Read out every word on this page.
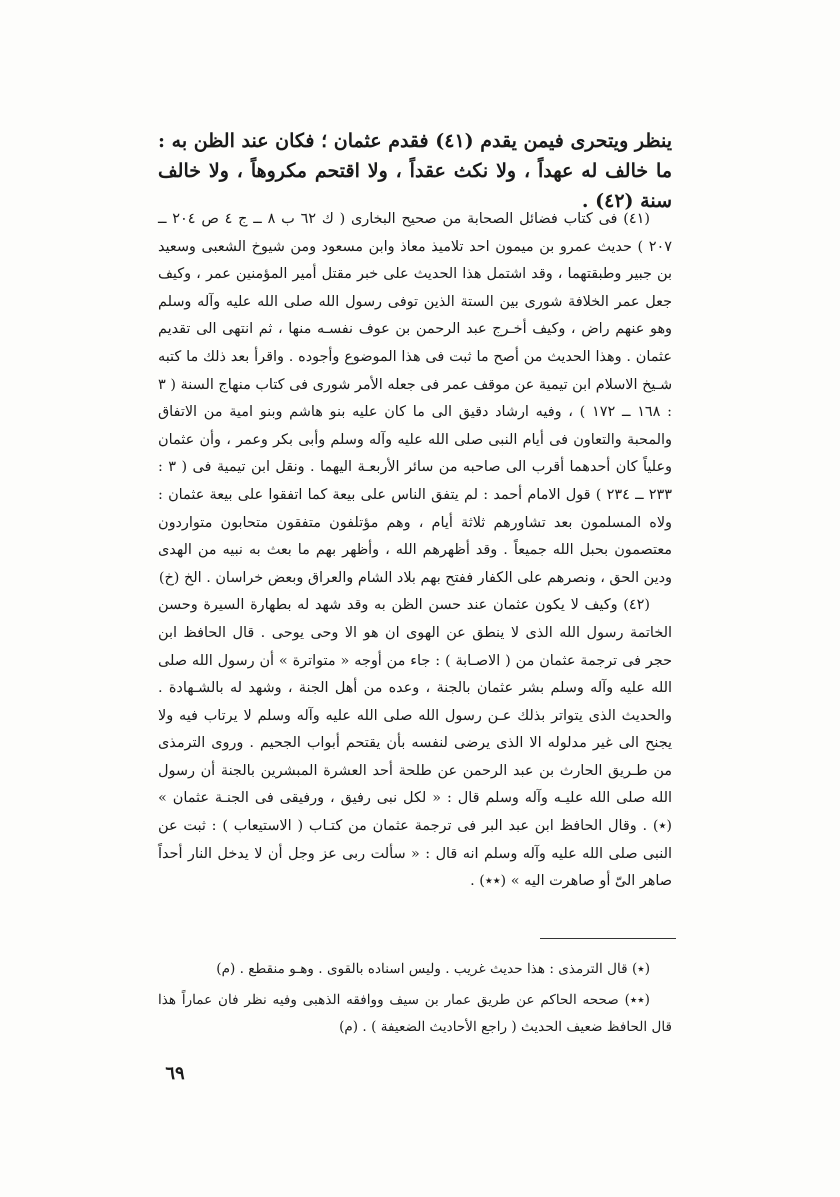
ينظر ويتحرى فيمن يقدم (٤١) فقدم عثمان ؛ فكان عند الظن به : ما خالف له عهداً ، ولا نكث عقداً ، ولا اقتحم مكروهاً ، ولا خالف سنة (٤٢) .

(٤١) فى كتاب فضائل الصحابة من صحيح البخارى ( ك ٦٢ ب ٨ ــ ج ٤ ص ٢٠٤ ــ ٢٠٧ ) حديث عمرو بن ميمون احد تلاميذ معاذ وابن مسعود ومن شيوخ الشعبى وسعيد بن جبير وطبقتهما ، وقد اشتمل هذا الحديث على خبر مقتل أمير المؤمنين عمر ، وكيف جعل عمر الخلافة شورى بين الستة الذين توفى رسول الله صلى الله عليه وآله وسلم وهو عنهم راض ، وكيف أخـرج عبد الرحمن بن عوف نفسـه منها ، ثم انتهى الى تقديم عثمان . وهذا الحديث من أصح ما ثبت فى هذا الموضوع وأجوده . واقرأ بعد ذلك ما كتبه شـيخ الاسلام ابن تيمية عن موقف عمر فى جعله الأمر شورى فى كتاب منهاج السنة ( ٣ : ١٦٨ ــ ١٧٢ ) ، وفيه ارشاد دقيق الى ما كان عليه بنو هاشم وبنو امية من الاتفاق والمحبة والتعاون فى أيام النبى صلى الله عليه وآله وسلم وأبى بكر وعمر ، وأن عثمان وعلياً كان أحدهما أقرب الى صاحبه من سائر الأربعـة اليهما . ونقل ابن تيمية فى ( ٣ : ٢٣٣ ــ ٢٣٤ ) قول الامام أحمد : لم يتفق الناس على بيعة كما اتفقوا على بيعة عثمان : ولاه المسلمون بعد تشاورهم ثلاثة أيام ، وهم مؤتلفون متفقون متحابون متواردون معتصمون بحبل الله جميعاً . وقد أظهرهم الله ، وأظهر بهم ما بعث به نبيه من الهدى ودين الحق ، ونصرهم على الكفار ففتح بهم بلاد الشام والعراق وبعض خراسان . الخ (خ)

(٤٢) وكيف لا يكون عثمان عند حسن الظن به وقد شهد له بطهارة السيرة وحسن الخاتمة رسول الله الذى لا ينطق عن الهوى ان هو الا وحى يوحى . قال الحافظ ابن حجر فى ترجمة عثمان من ( الاصـابة ) : جاء من أوجه « متواترة » أن رسول الله صلى الله عليه وآله وسلم بشر عثمان بالجنة ، وعده من أهل الجنة ، وشهد له بالشـهادة . والحديث الذى يتواتر بذلك عـن رسول الله صلى الله عليه وآله وسلم لا يرتاب فيه ولا يجنح الى غير مدلوله الا الذى يرضى لنفسه بأن يقتحم أبواب الجحيم . وروى الترمذى من طـريق الحارث بن عبد الرحمن عن طلحة أحد العشرة المبشرين بالجنة أن رسول الله صلى الله عليـه وآله وسلم قال : « لكل نبى رفيق ، ورفيقى فى الجنـة عثمان » (٭) . وقال الحافظ ابن عبد البر فى ترجمة عثمان من كتـاب ( الاستيعاب ) : ثبت عن النبى صلى الله عليه وآله وسلم انه قال : « سألت ربى عز وجل أن لا يدخل النار أحداً صاهر الىّ أو صاهرت اليه » (٭٭) .

(٭) قال الترمذى : هذا حديث غريب . وليس اسناده بالقوى . وهـو منقطع . (م)

(٭٭) صححه الحاكم عن طريق عمار بن سيف ووافقه الذهبى وفيه نظر فان عماراً هذا قال الحافظ ضعيف الحديث ( راجع الأحاديث الضعيفة ) . (م)

٦٩
